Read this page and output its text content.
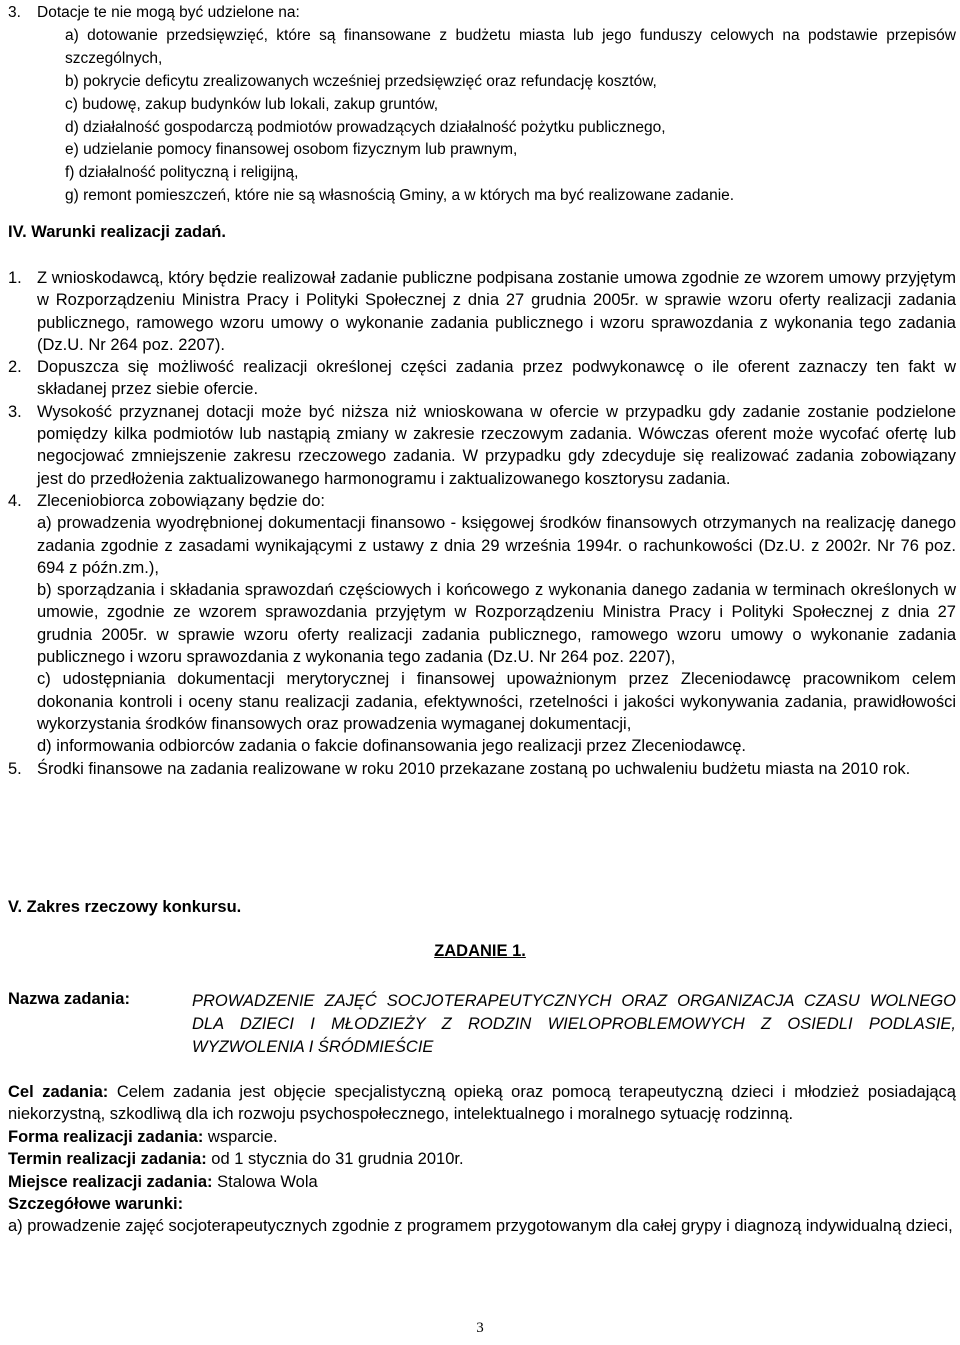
3. Dotacje te nie mogą być udzielone na:

a) dotowanie przedsięwzięć, które są finansowane z budżetu miasta lub jego funduszy celowych na podstawie przepisów szczególnych,

b) pokrycie deficytu zrealizowanych wcześniej przedsięwzięć oraz refundację kosztów,

c) budowę, zakup budynków lub lokali, zakup gruntów,

d) działalność gospodarczą podmiotów prowadzących działalność pożytku publicznego,

e) udzielanie pomocy finansowej osobom fizycznym lub prawnym,

f) działalność polityczną i religijną,

g) remont pomieszczeń, które nie są własnością Gminy, a w których ma być realizowane zadanie.

IV. Warunki realizacji zadań.
1. Z wnioskodawcą, który będzie realizował zadanie publiczne podpisana zostanie umowa zgodnie ze wzorem umowy przyjętym w Rozporządzeniu Ministra Pracy i Polityki Społecznej z dnia 27 grudnia 2005r. w sprawie wzoru oferty realizacji zadania publicznego, ramowego wzoru umowy o wykonanie zadania publicznego i wzoru sprawozdania z wykonania tego zadania (Dz.U. Nr 264 poz. 2207).

2. Dopuszcza się możliwość realizacji określonej części zadania przez podwykonawcę o ile oferent zaznaczy ten fakt w składanej przez siebie ofercie.

3. Wysokość przyznanej dotacji może być niższa niż wnioskowana w ofercie w przypadku gdy zadanie zostanie podzielone pomiędzy kilka podmiotów lub nastąpią zmiany w zakresie rzeczowym zadania. Wówczas oferent może wycofać ofertę lub negocjować zmniejszenie zakresu rzeczowego zadania. W przypadku gdy zdecyduje się realizować zadania zobowiązany jest do przedłożenia zaktualizowanego harmonogramu i zaktualizowanego kosztorysu zadania.

4. Zleceniobiorca zobowiązany będzie do:

a) prowadzenia wyodrębnionej dokumentacji finansowo - księgowej środków finansowych otrzymanych na realizację danego zadania zgodnie z zasadami wynikającymi z ustawy z dnia 29 września 1994r. o rachunkowości (Dz.U. z 2002r. Nr 76 poz. 694 z późn.zm.),

b) sporządzania i składania sprawozdań częściowych i końcowego z wykonania danego zadania w terminach określonych w umowie, zgodnie ze wzorem sprawozdania przyjętym w Rozporządzeniu Ministra Pracy i Polityki Społecznej z dnia 27 grudnia 2005r. w sprawie wzoru oferty realizacji zadania publicznego, ramowego wzoru umowy o wykonanie zadania publicznego i wzoru sprawozdania z wykonania tego zadania (Dz.U. Nr 264 poz. 2207),

c) udostępniania dokumentacji merytorycznej i finansowej upoważnionym przez Zleceniodawcę pracownikom celem dokonania kontroli i oceny stanu realizacji zadania, efektywności, rzetelności i jakości wykonywania zadania, prawidłowości wykorzystania środków finansowych oraz prowadzenia wymaganej dokumentacji,

d) informowania odbiorców zadania o fakcie dofinansowania jego realizacji przez Zleceniodawcę.

5. Środki finansowe na zadania realizowane w roku 2010 przekazane zostaną po uchwaleniu budżetu miasta na 2010 rok.

V. Zakres rzeczowy konkursu.
ZADANIE 1.
Nazwa zadania:	PROWADZENIE ZAJĘĆ SOCJOTERAPEUTYCZNYCH ORAZ ORGANIZACJA CZASU WOLNEGO DLA DZIECI I MŁODZIEŻY Z RODZIN WIELOPROBLEMOWYCH Z OSIEDLI PODLASIE, WYZWOLENIA I ŚRÓDMIEŚCIE

Cel zadania: Celem zadania jest objęcie specjalistyczną opieką oraz pomocą terapeutyczną dzieci i młodzież posiadającą niekorzystną, szkodliwą dla ich rozwoju psychospołecznego, intelektualnego i moralnego sytuację rodzinną.

Forma realizacji zadania: wsparcie.

Termin realizacji zadania: od 1 stycznia do 31 grudnia 2010r.

Miejsce realizacji zadania: Stalowa Wola

Szczegółowe warunki:

a) prowadzenie zajęć socjoterapeutycznych zgodnie z programem przygotowanym dla całej grypy i diagnozą indywidualną dzieci,

3
